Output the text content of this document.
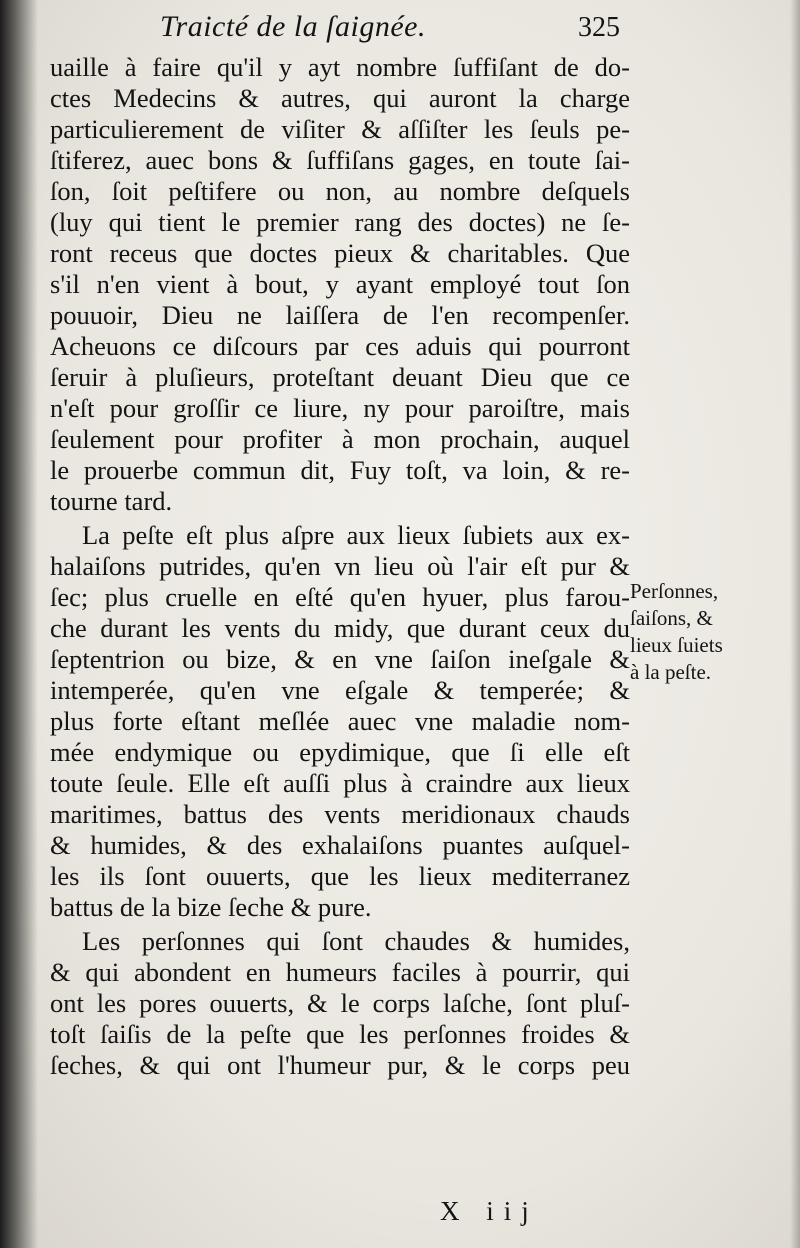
Traicté de la ſaignée.	325
uaille à faire qu'il y ayt nombre ſuffiſant de do-
ctes Medecins & autres, qui auront la charge
particulierement de viſiter & aſſiſter les ſeuls pe-
ſtiferez, auec bons & ſuffiſans gages, en toute ſai-
ſon, ſoit peſtifere ou non, au nombre deſquels
(luy qui tient le premier rang des doctes) ne ſe-
ront receus que doctes pieux & charitables. Que
s'il n'en vient à bout, y ayant employé tout ſon
pouuoir, Dieu ne laiſſera de l'en recompenſer.
Acheuons ce diſcours par ces aduis qui pourront
ſeruir à pluſieurs, proteſtant deuant Dieu que ce
n'eſt pour groſſir ce liure, ny pour paroiſtre, mais
ſeulement pour profiter à mon prochain, auquel
le prouerbe commun dit, Fuy toſt, va loin, & re-
tourne tard.
La peſte eſt plus aſpre aux lieux ſubiets aux ex-
halaiſons putrides, qu'en vn lieu où l'air eſt pur &
ſec; plus cruelle en eſté qu'en hyuer, plus farou-
che durant les vents du midy, que durant ceux du
ſeptentrion ou bize, & en vne ſaiſon ineſgale &
intemperée, qu'en vne eſgale & temperée; &
plus forte eſtant meſlée auec vne maladie nom-
mée endymique ou epydimique, que ſi elle eſt
toute ſeule. Elle eſt auſſi plus à craindre aux lieux
maritimes, battus des vents meridionaux chauds
& humides, & des exhalaiſons puantes auſquel-
les ils ſont ouuerts, que les lieux mediterranez
battus de la bize ſeche & pure.
Les perſonnes qui ſont chaudes & humides,
& qui abondent en humeurs faciles à pourrir, qui
ont les pores ouuerts, & le corps laſche, ſont pluſ-
toſt ſaiſis de la peſte que les perſonnes froides &
ſeches, & qui ont l'humeur pur, & le corps peu
Perſonnes,
ſaiſons, &
lieux ſuiets
à la peſte.
X iij
